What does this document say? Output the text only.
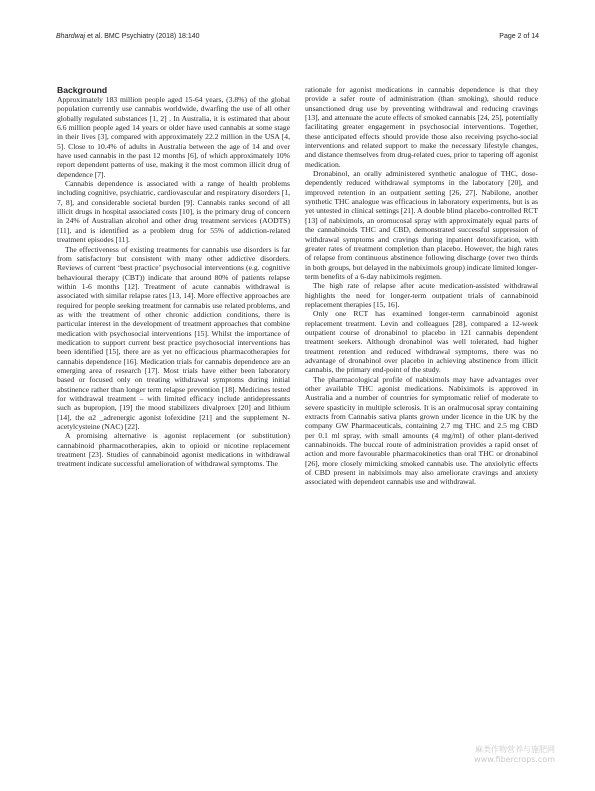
Bhardwaj et al. BMC Psychiatry (2018) 18:140	Page 2 of 14
Background

Approximately 183 million people aged 15-64 years, (3.8%) of the global population currently use cannabis worldwide, dwarfing the use of all other globally regulated substances [1, 2] . In Australia, it is estimated that about 6.6 million people aged 14 years or older have used cannabis at some stage in their lives [3], compared with approximately 22.2 million in the USA [4, 5]. Close to 10.4% of adults in Australia between the age of 14 and over have used cannabis in the past 12 months [6], of which approximately 10% report dependent patterns of use, making it the most common illicit drug of dependence [7].

Cannabis dependence is associated with a range of health problems including cognitive, psychiatric, cardiovascular and respiratory disorders [1, 7, 8], and considerable societal burden [9]. Cannabis ranks second of all illicit drugs in hospital associated costs [10], is the primary drug of concern in 24% of Australian alcohol and other drug treatment services (AODTS) [11], and is identified as a problem drug for 55% of addiction-related treatment episodes [11].

The effectiveness of existing treatments for cannabis use disorders is far from satisfactory but consistent with many other addictive disorders. Reviews of current ‘best practice’ psychosocial interventions (e.g. cognitive behavioural therapy (CBT)) indicate that around 80% of patients relapse within 1-6 months [12]. Treatment of acute cannabis withdrawal is associated with similar relapse rates [13, 14]. More effective approaches are required for people seeking treatment for cannabis use related problems, and as with the treatment of other chronic addiction conditions, there is particular interest in the development of treatment approaches that combine medication with psychosocial interventions [15]. Whilst the importance of medication to support current best practice psychosocial interventions has been identified [15], there are as yet no efficacious pharmacotherapies for cannabis dependence [16]. Medication trials for cannabis dependence are an emerging area of research [17]. Most trials have either been laboratory based or focused only on treating withdrawal symptoms during initial abstinence rather than longer term relapse prevention [18]. Medicines tested for withdrawal treatment – with limited efficacy include antidepressants such as bupropion, [19] the mood stabilizers divalproex [20] and lithium [14], the α2 _adrenergic agonist lofexidine [21] and the supplement N-acetylcysteine (NAC) [22].

A promising alternative is agonist replacement (or substitution) cannabinoid pharmacotherapies, akin to opioid or nicotine replacement treatment [23]. Studies of cannabinoid agonist medications in withdrawal treatment indicate successful amelioration of withdrawal symptoms. The

rationale for agonist medications in cannabis dependence is that they provide a safer route of administration (than smoking), should reduce unsanctioned drug use by preventing withdrawal and reducing cravings [13], and attenuate the acute effects of smoked cannabis [24, 25], potentially facilitating greater engagement in psychosocial interventions. Together, these anticipated effects should provide those also receiving psycho-social interventions and related support to make the necessary lifestyle changes, and distance themselves from drug-related cues, prior to tapering off agonist medication.

Dronabinol, an orally administered synthetic analogue of THC, dose-dependently reduced withdrawal symptoms in the laboratory [20], and improved retention in an outpatient setting [26, 27]. Nabilone, another synthetic THC analogue was efficacious in laboratory experiments, but is as yet untested in clinical settings [21]. A double blind placebo-controlled RCT [13] of nabiximols, an oromucosal spray with approximately equal parts of the cannabinoids THC and CBD, demonstrated successful suppression of withdrawal symptoms and cravings during inpatient detoxification, with greater rates of treatment completion than placebo. However, the high rates of relapse from continuous abstinence following discharge (over two thirds in both groups, but delayed in the nabiximols group) indicate limited longer-term benefits of a 6-day nabiximols regimen.

The high rate of relapse after acute medication-assisted withdrawal highlights the need for longer-term outpatient trials of cannabinoid replacement therapies [15, 16].

Only one RCT has examined longer-term cannabinoid agonist replacement treatment. Levin and colleagues [28], compared a 12-week outpatient course of dronabinol to placebo in 121 cannabis dependent treatment seekers. Although dronabinol was well tolerated, had higher treatment retention and reduced withdrawal symptoms, there was no advantage of dronabinol over placebo in achieving abstinence from illicit cannabis, the primary end-point of the study.

The pharmacological profile of nabiximols may have advantages over other available THC agonist medications. Nabiximols is approved in Australia and a number of countries for symptomatic relief of moderate to severe spasticity in multiple sclerosis. It is an oralmucosal spray containing extracts from Cannabis sativa plants grown under licence in the UK by the company GW Pharmaceuticals, containing 2.7 mg THC and 2.5 mg CBD per 0.1 ml spray, with small amounts (4 mg/ml) of other plant-derived cannabinoids. The buccal route of administration provides a rapid onset of action and more favourable pharmacokinetics than oral THC or dronabinol [26], more closely mimicking smoked cannabis use. The anxiolytic effects of CBD present in nabiximols may also ameliorate cravings and anxiety associated with dependent cannabis use and withdrawal.

麻类作物营养与施肥网
www.fibercrops.com
